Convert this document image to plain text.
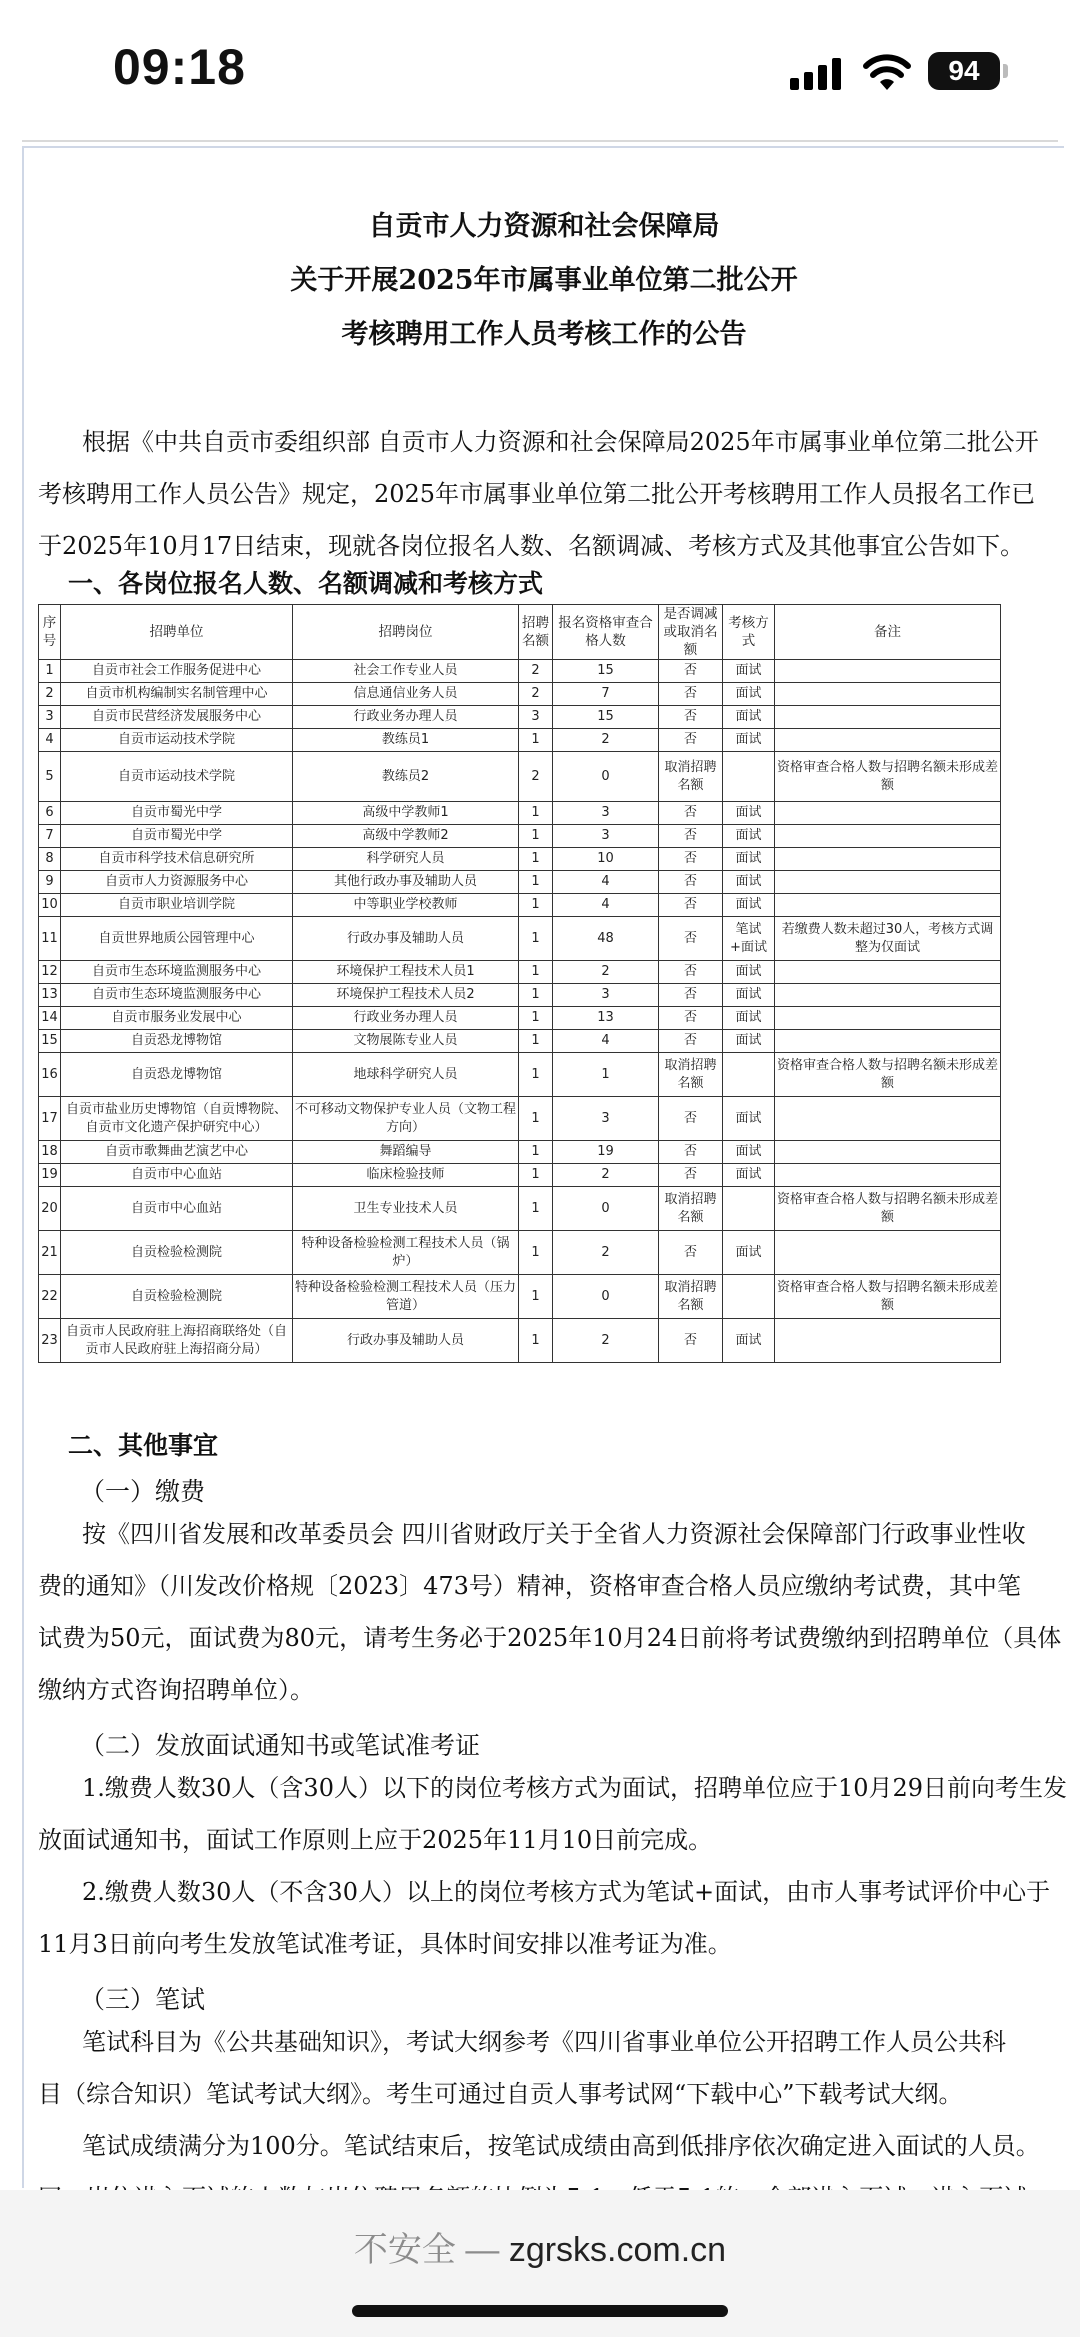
09:18	94
自贡市人力资源和社会保障局
关于开展2025年市属事业单位第二批公开
考核聘用工作人员考核工作的公告
根据《中共自贡市委组织部 自贡市人力资源和社会保障局2025年市属事业单位第二批公开
考核聘用工作人员公告》规定，2025年市属事业单位第二批公开考核聘用工作人员报名工作已
于2025年10月17日结束，现就各岗位报名人数、名额调减、考核方式及其他事宜公告如下。
一、各岗位报名人数、名额调减和考核方式
序号	招聘单位	招聘岗位	招聘名额	报名资格审查合格人数	是否调减或取消名额	考核方式	备注
1	自贡市社会工作服务促进中心	社会工作专业人员	2	15	否	面试	
2	自贡市机构编制实名制管理中心	信息通信业务人员	2	7	否	面试	
3	自贡市民营经济发展服务中心	行政业务办理人员	3	15	否	面试	
4	自贡市运动技术学院	教练员1	1	2	否	面试	
5	自贡市运动技术学院	教练员2	2	0	取消招聘名额		资格审查合格人数与招聘名额未形成差额
6	自贡市蜀光中学	高级中学教师1	1	3	否	面试	
7	自贡市蜀光中学	高级中学教师2	1	3	否	面试	
8	自贡市科学技术信息研究所	科学研究人员	1	10	否	面试	
9	自贡市人力资源服务中心	其他行政办事及辅助人员	1	4	否	面试	
10	自贡市职业培训学院	中等职业学校教师	1	4	否	面试	
11	自贡世界地质公园管理中心	行政办事及辅助人员	1	48	否	笔试+面试	若缴费人数未超过30人，考核方式调整为仅面试
12	自贡市生态环境监测服务中心	环境保护工程技术人员1	1	2	否	面试	
13	自贡市生态环境监测服务中心	环境保护工程技术人员2	1	3	否	面试	
14	自贡市服务业发展中心	行政业务办理人员	1	13	否	面试	
15	自贡恐龙博物馆	文物展陈专业人员	1	4	否	面试	
16	自贡恐龙博物馆	地球科学研究人员	1	1	取消招聘名额		资格审查合格人数与招聘名额未形成差额
17	自贡市盐业历史博物馆（自贡博物院、自贡市文化遗产保护研究中心）	不可移动文物保护专业人员（文物工程方向）	1	3	否	面试	
18	自贡市歌舞曲艺演艺中心	舞蹈编导	1	19	否	面试	
19	自贡市中心血站	临床检验技师	1	2	否	面试	
20	自贡市中心血站	卫生专业技术人员	1	0	取消招聘名额		资格审查合格人数与招聘名额未形成差额
21	自贡检验检测院	特种设备检验检测工程技术人员（锅炉）	1	2	否	面试	
22	自贡检验检测院	特种设备检验检测工程技术人员（压力管道）	1	0	取消招聘名额		资格审查合格人数与招聘名额未形成差额
23	自贡市人民政府驻上海招商联络处（自贡市人民政府驻上海招商分局）	行政办事及辅助人员	1	2	否	面试	
二、其他事宜
（一）缴费
按《四川省发展和改革委员会 四川省财政厅关于全省人力资源社会保障部门行政事业性收
费的通知》（川发改价格规〔2023〕473号）精神，资格审查合格人员应缴纳考试费，其中笔
试费为50元，面试费为80元，请考生务必于2025年10月24日前将考试费缴纳到招聘单位（具体
缴纳方式咨询招聘单位）。
（二）发放面试通知书或笔试准考证
1.缴费人数30人（含30人）以下的岗位考核方式为面试，招聘单位应于10月29日前向考生发
放面试通知书，面试工作原则上应于2025年11月10日前完成。
2.缴费人数30人（不含30人）以上的岗位考核方式为笔试+面试，由市人事考试评价中心于
11月3日前向考生发放笔试准考证，具体时间安排以准考证为准。
（三）笔试
笔试科目为《公共基础知识》，考试大纲参考《四川省事业单位公开招聘工作人员公共科
目（综合知识）笔试考试大纲》。考生可通过自贡人事考试网“下载中心”下载考试大纲。
笔试成绩满分为100分。笔试结束后，按笔试成绩由高到低排序依次确定进入面试的人员。
不安全 — zgrsks.com.cn
